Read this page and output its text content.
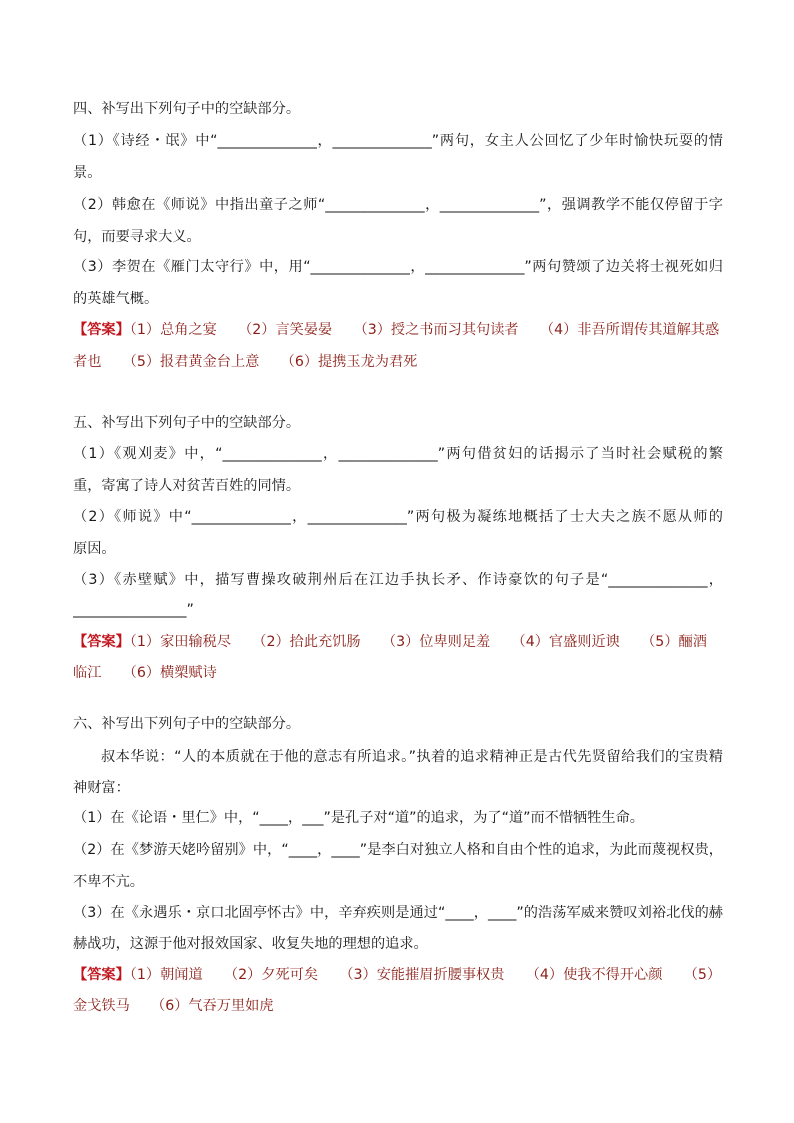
四、补写出下列句子中的空缺部分。
（1）《诗经・氓》中“______________，______________”两句，女主人公回忆了少年时愉快玩耍的情
景。
（2）韩愈在《师说》中指出童子之师“______________，______________”，强调教学不能仅停留于字
句，而要寻求大义。
（3）李贺在《雁门太守行》中，用“______________，______________”两句赞颂了边关将士视死如归
的英雄气概。
【答案】（1）总角之宴　　（2）言笑晏晏　　（3）授之书而习其句读者　　（4）非吾所谓传其道解其惑
者也　　（5）报君黄金台上意　　（6）提携玉龙为君死
五、补写出下列句子中的空缺部分。
（1）《观刈麦》中，“______________，______________”两句借贫妇的话揭示了当时社会赋税的繁
重，寄寓了诗人对贫苦百姓的同情。
（2）《师说》中“______________，______________”两句极为凝练地概括了士大夫之族不愿从师的
原因。
（3）《赤壁赋》中，描写曹操攻破荆州后在江边手执长矛、作诗豪饮的句子是“______________，
________________”
【答案】（1）家田输税尽　　（2）拾此充饥肠　　（3）位卑则足羞　　（4）官盛则近谀　　（5）酾酒
临江　　（6）横槊赋诗
六、补写出下列句子中的空缺部分。
叔本华说：“人的本质就在于他的意志有所追求。”执着的追求精神正是古代先贤留给我们的宝贵精
神财富：
（1）在《论语・里仁》中，“____，___”是孔子对“道”的追求，为了“道”而不惜牺牲生命。
（2）在《梦游天姥吟留别》中，“____，____”是李白对独立人格和自由个性的追求，为此而蔑视权贵，
不卑不亢。
（3）在《永遇乐・京口北固亭怀古》中，辛弃疾则是通过“____，____”的浩荡军威来赞叹刘裕北伐的赫
赫战功，这源于他对报效国家、收复失地的理想的追求。
【答案】（1）朝闻道　　（2）夕死可矣　　（3）安能摧眉折腰事权贵　　（4）使我不得开心颜　　（5）
金戈铁马　　（6）气吞万里如虎
